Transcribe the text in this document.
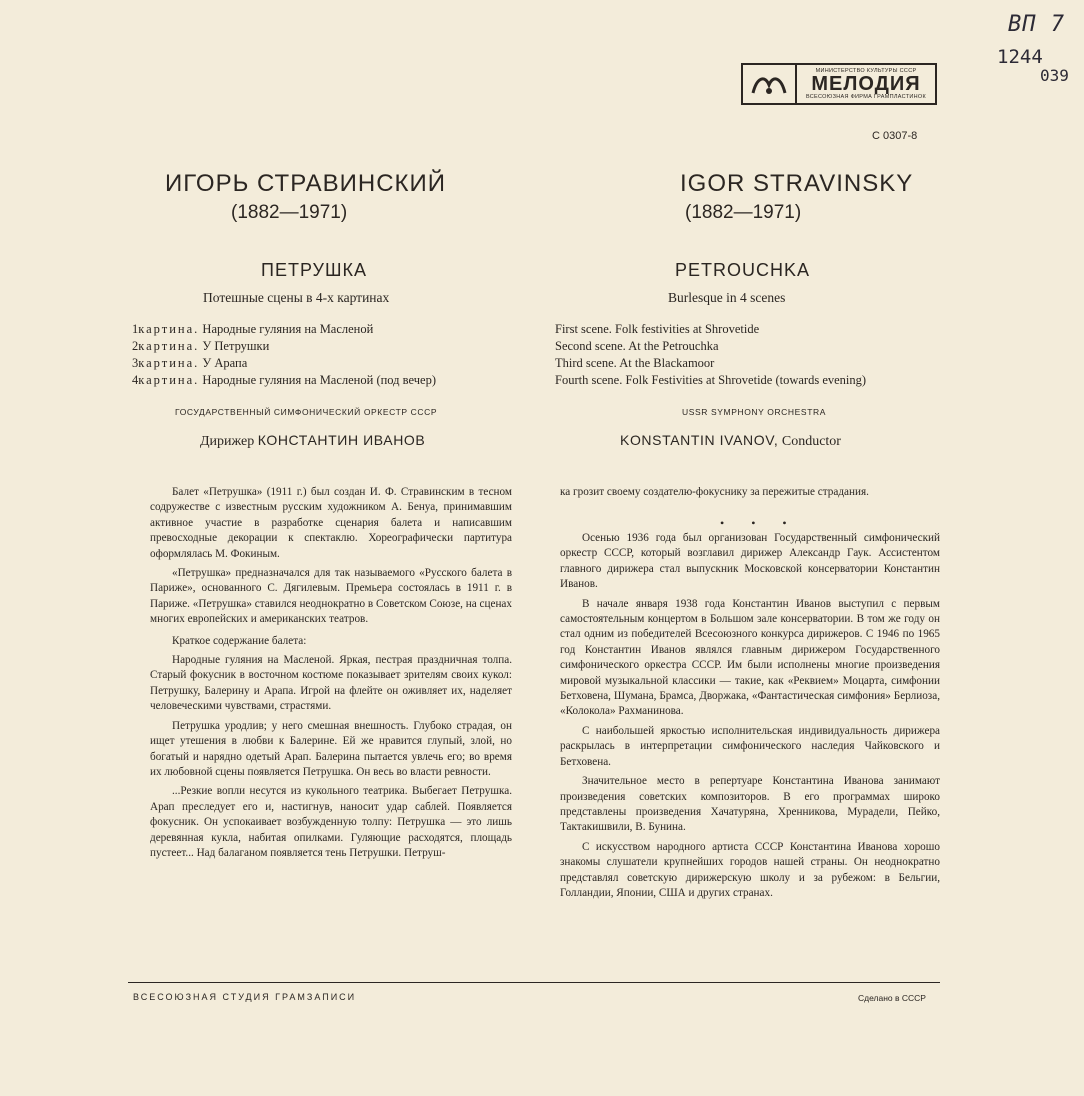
ВП 7
1244
039
МИНИСТЕРСТВО КУЛЬТУРЫ СССР
МЕЛОДИЯ
ВСЕСОЮЗНАЯ ФИРМА ГРАМПЛАСТИНОК
С 0307-8
ИГОРЬ СТРАВИНСКИЙ
(1882—1971)
ПЕТРУШКА
Потешные сцены в 4-х картинах
1картина. Народные гуляния на Масленой
2картина. У Петрушки
3картина. У Арапа
4картина. Народные гуляния на Масленой (под вечер)
ГОСУДАРСТВЕННЫЙ СИМФОНИЧЕСКИЙ ОРКЕСТР СССР
Дирижер КОНСТАНТИН ИВАНОВ

Балет «Петрушка» (1911 г.) был создан И. Ф. Стравинским в тесном содружестве с известным русским художником А. Бенуа, принимавшим активное участие в разработке сценария балета и написавшим превосходные декорации к спектаклю. Хореографически партитура оформлялась М. Фокиным.

«Петрушка» предназначался для так называемого «Русского балета в Париже», основанного С. Дягилевым. Премьера состоялась в 1911 г. в Париже. «Петрушка» ставился неоднократно в Советском Союзе, на сценах многих европейских и американских театров.

Краткое содержание балета:

Народные гуляния на Масленой. Яркая, пестрая праздничная толпа. Старый фокусник в восточном костюме показывает зрителям своих кукол: Петрушку, Балерину и Арапа. Игрой на флейте он оживляет их, наделяет человеческими чувствами, страстями.

Петрушка уродлив; у него смешная внешность. Глубоко страдая, он ищет утешения в любви к Балерине. Ей же нравится глупый, злой, но богатый и нарядно одетый Арап. Балерина пытается увлечь его; во время их любовной сцены появляется Петрушка. Он весь во власти ревности.

...Резкие вопли несутся из кукольного театрика. Выбегает Петрушка. Арап преследует его и, настигнув, наносит удар саблей. Появляется фокусник. Он успокаивает возбужденную толпу: Петрушка — это лишь деревянная кукла, набитая опилками. Гуляющие расходятся, площадь пустеет... Над балаганом появляется тень Петрушки. Петруш-

IGOR STRAVINSKY
(1882—1971)
PETROUCHKA
Burlesque in 4 scenes
First scene. Folk festivities at Shrovetide
Second scene. At the Petrouchka
Third scene. At the Blackamoor
Fourth scene. Folk Festivities at Shrovetide (towards evening)
USSR SYMPHONY ORCHESTRA
KONSTANTIN IVANOV, Conductor

ка грозит своему создателю-фокуснику за пережитые страдания.

• • •

Осенью 1936 года был организован Государственный симфонический оркестр СССР, который возглавил дирижер Александр Гаук. Ассистентом главного дирижера стал выпускник Московской консерватории Константин Иванов.

В начале января 1938 года Константин Иванов выступил с первым самостоятельным концертом в Большом зале консерватории. В том же году он стал одним из победителей Всесоюзного конкурса дирижеров. С 1946 по 1965 год Константин Иванов являлся главным дирижером Государственного симфонического оркестра СССР. Им были исполнены многие произведения мировой музыкальной классики — такие, как «Реквием» Моцарта, симфонии Бетховена, Шумана, Брамса, Дворжака, «Фантастическая симфония» Берлиоза, «Колокола» Рахманинова.

С наибольшей яркостью исполнительская индивидуальность дирижера раскрылась в интерпретации симфонического наследия Чайковского и Бетховена.

Значительное место в репертуаре Константина Иванова занимают произведения советских композиторов. В его программах широко представлены произведения Хачатуряна, Хренникова, Мурадели, Пейко, Тактакишвили, В. Бунина.

С искусством народного артиста СССР Константина Иванова хорошо знакомы слушатели крупнейших городов нашей страны. Он неоднократно представлял советскую дирижерскую школу и за рубежом: в Бельгии, Голландии, Японии, США и других странах.

ВСЕСОЮЗНАЯ СТУДИЯ ГРАМЗАПИСИ	Сделано в СССР
